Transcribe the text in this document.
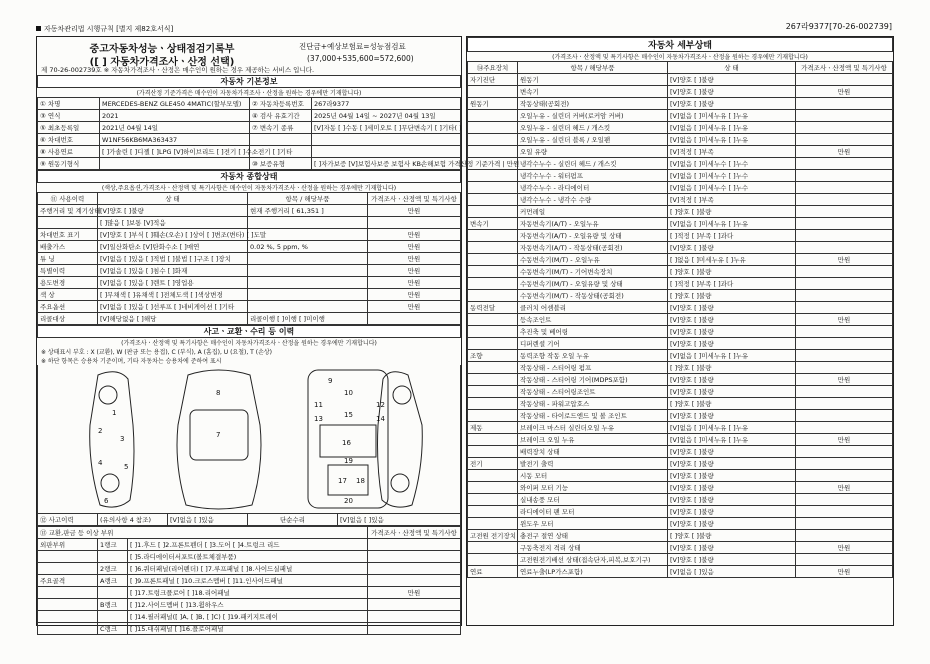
자동차관리법 시행규칙 [별지 제82호서식]	267라9377[70-26-002739]
중고자동차성능ㆍ상태점검기록부
([ ] 자동차가격조사ㆍ산정 선택)
진단금+예상보험료=성능점검료
(37,000+535,600=572,600)
제 70-26-002739호 ※ 자동차가격조사ㆍ산정은 매수인이 원하는 경우 제공하는 서비스 입니다.
자동차 기본정보
(가격산정 기준가격은 매수인이 자동차가격조사ㆍ산정을 원하는 경우에만 기재합니다)
① 차명	MERCEDES-BENZ GLE450 4MATIC(할부모델)	② 자동차등록번호	267라9377
③ 연식	2021	④ 검사 유효기간	2025년 04월 14일 ~ 2027년 04월 13일
⑤ 최초등록일	2021년 04월 14일	⑦ 변속기 종류	[V]자동 [ ]수동 [ ]세미오토 [ ]무단변속기 [ ]기타( )
⑥ 차대번호	W1NF56KB6MA363437		
⑧ 사용연료	[ ]가솔린 [ ]디젤 [ ]LPG [V]하이브리드 [ ]전기 [ ]수소전기 [ ]기타		
⑨ 원동기형식		⑩ 보증유형	[ ]자가보증 [V]보험사보증 보험사 KB손해보험 가격산정 기준가격 | 만원
자동차 종합상태
(색상,주요옵션,가격조사ㆍ산정액 및 특기사항은 매수인이 자동차가격조사ㆍ산정을 원하는 경우에만 기재합니다)
⑪ 사용이력	상 태	항목 / 해당부품	가격조사ㆍ산정액 및 특기사항
주행거리 및 계기상태	[V]양호 [ ]불량	현재 주행거리 [ 61,351 ]	만원
	[ ]많음 [ ]보통 [V]적음		
차대번호 표기	[V]양호 [ ]부식 [ ]훼손(오손) [ ]상이 [ ]변조(변타) [ ]도말		만원
배출가스	[V]일산화탄소 [V]탄화수소 [ ]매연	0.02 %, 5 ppm, %	만원
튜 닝	[V]없음 [ ]있음 [ ]적법 [ ]불법 [ ]구조 [ ]장치		만원
특별이력	[V]없음 [ ]있음 [ ]침수 [ ]화재		만원
용도변경	[V]없음 [ ]있음 [ ]렌트 [ ]영업용		만원
색 상	[ ]무채색 [ ]유채색 [ ]전체도색 [ ]색상변경		만원
주요옵션	[V]없음 [ ]있음 [ ]선루프 [ ]네비게이션 [ ]기타		만원
리콜대상	[V]해당없음 [ ]해당	리콜이행 [ ]이행 [ ]미이행	
사고ㆍ교환ㆍ수리 등 이력
(가격조사ㆍ산정액 및 특기사항은 매수인이 자동차가격조사ㆍ산정을 원하는 경우에만 기재합니다)
※ 상태표시 부호 : X (교환), W (판금 또는 용접), C (부식), A (흠집), U (요철), T (손상)
※ 하단 항목은 승용차 기준이며, 기타 자동차는 승용차에 준하여 표시
1
2
3
4	5
6
7
8
9
10
11	12
13	14
15
16
17 18
19
20
⑫ 사고이력	(유의사항 4 참조)	[V]없음 [ ]있음	단순수리	[V]없음 [ ]있음
⑬ 교환,판금 등 이상 부위			가격조사ㆍ산정액 및 특기사항
외판부위	1랭크	[ ]1.후드 [ ]2.프론트펜더 [ ]3.도어 [ ]4.트렁크 리드	
		[ ]5.라디에이터서포트(볼트체결부품)	
	2랭크	[ ]6.쿼터패널(리어펜더) [ ]7.루프패널 [ ]8.사이드실패널	
주요골격	A랭크	[ ]9.프론트패널 [ ]10.크로스멤버 [ ]11.인사이드패널	
		[ ]17.트렁크플로어 [ ]18.리어패널	만원
	B랭크	[ ]12.사이드멤버 [ ]13.휠하우스	
		[ ]14.필러패널([ ]A, [ ]B, [ ]C) [ ]19.패키지트레이	
	C랭크	[ ]15.대쉬패널 [ ]16.플로어패널	
자동차 세부상태
(가격조사ㆍ산정액 및 특기사항은 매수인이 자동차가격조사ㆍ산정을 원하는 경우에만 기재합니다)
⑭주요장치	항목 / 해당부품	상 태	가격조사ㆍ산정액 및 특기사항
자기진단	원동기	[V]양호 [ ]불량	
	변속기	[V]양호 [ ]불량	만원
원동기	작동상태(공회전)	[V]양호 [ ]불량	
	오일누유 - 실린더 커버(로커암 커버)	[V]없음 [ ]미세누유 [ ]누유	
	오일누유 - 실린더 헤드 / 개스킷	[V]없음 [ ]미세누유 [ ]누유	
	오일누유 - 실린더 블록 / 오일팬	[V]없음 [ ]미세누유 [ ]누유	
	오일 유량	[V]적정 [ ]부족	만원
	냉각수누수 - 실린더 헤드 / 개스킷	[V]없음 [ ]미세누수 [ ]누수	
	냉각수누수 - 워터펌프	[V]없음 [ ]미세누수 [ ]누수	
	냉각수누수 - 라디에이터	[V]없음 [ ]미세누수 [ ]누수	
	냉각수누수 - 냉각수 수량	[V]적정 [ ]부족	
	커먼레일	[ ]양호 [ ]불량	
변속기	자동변속기(A/T) - 오일누유	[V]없음 [ ]미세누유 [ ]누유	
	자동변속기(A/T) - 오일유량 및 상태	[ ]적정 [ ]부족 [ ]과다	
	자동변속기(A/T) - 작동상태(공회전)	[V]양호 [ ]불량	
	수동변속기(M/T) - 오일누유	[ ]없음 [ ]미세누유 [ ]누유	만원
	수동변속기(M/T) - 기어변속장치	[ ]양호 [ ]불량	
	수동변속기(M/T) - 오일유량 및 상태	[ ]적정 [ ]부족 [ ]과다	
	수동변속기(M/T) - 작동상태(공회전)	[ ]양호 [ ]불량	
동력전달	클러치 어셈블리	[V]양호 [ ]불량	
	등속조인트	[V]양호 [ ]불량	만원
	추진축 및 베어링	[V]양호 [ ]불량	
	디퍼렌셜 기어	[V]양호 [ ]불량	
조향	동력조향 작동 오일 누유	[V]없음 [ ]미세누유 [ ]누유	
	작동상태 - 스티어링 펌프	[ ]양호 [ ]불량	
	작동상태 - 스티어링 기어(MDPS포함)	[V]양호 [ ]불량	만원
	작동상태 - 스티어링조인트	[V]양호 [ ]불량	
	작동상태 - 파워고압호스	[ ]양호 [ ]불량	
	작동상태 - 타이로드엔드 및 볼 조인트	[V]양호 [ ]불량	
제동	브레이크 마스터 실린더오일 누유	[V]없음 [ ]미세누유 [ ]누유	
	브레이크 오일 누유	[V]없음 [ ]미세누유 [ ]누유	만원
	배력장치 상태	[V]양호 [ ]불량	
전기	발전기 출력	[V]양호 [ ]불량	
	시동 모터	[V]양호 [ ]불량	
	와이퍼 모터 기능	[V]양호 [ ]불량	만원
	실내송풍 모터	[V]양호 [ ]불량	
	라디에이터 팬 모터	[V]양호 [ ]불량	
	윈도우 모터	[V]양호 [ ]불량	
고전원 전기장치	충전구 절연 상태	[ ]양호 [ ]불량	
	구동축전지 격리 상태	[V]양호 [ ]불량	만원
	고전원전기배선 상태(접속단자,피복,보호기구)	[V]양호 [ ]불량	
연료	연료누출(LP가스포함)	[V]없음 [ ]있음	만원
